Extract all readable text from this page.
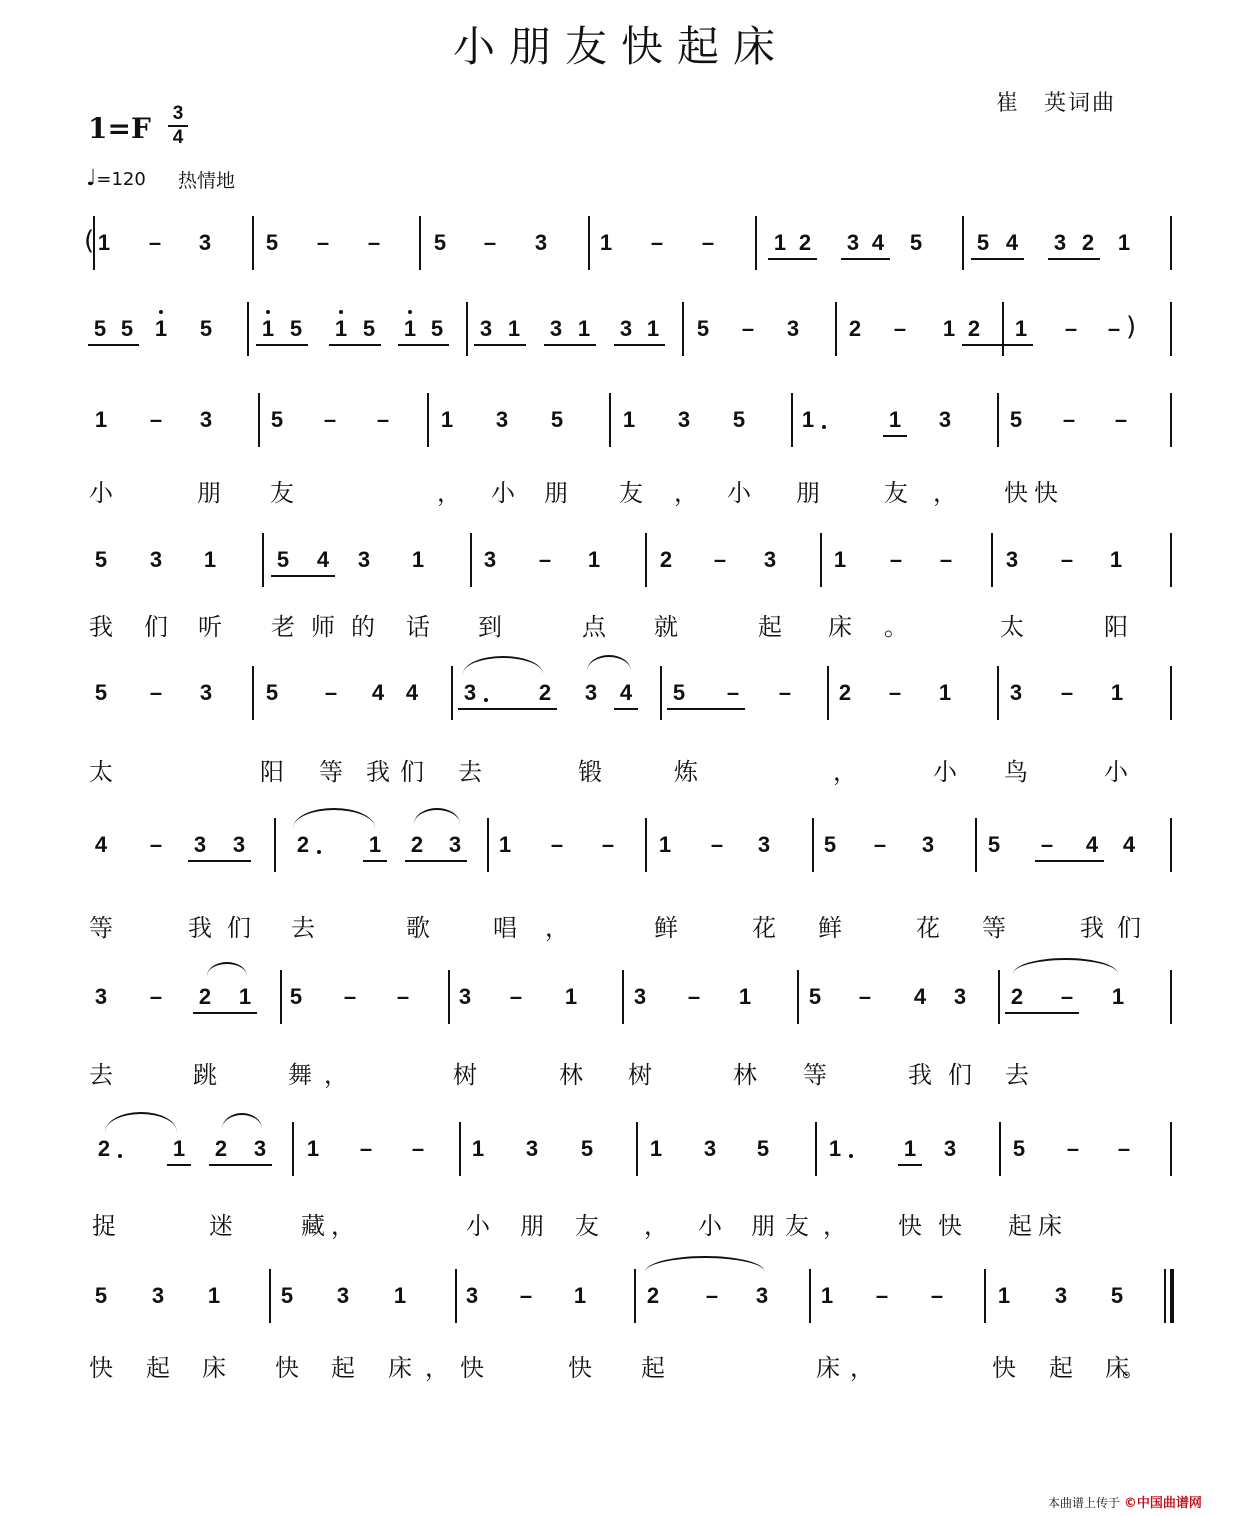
小朋友快起床
崔　英词曲
1=F 3
4
♩=120 热情地
1 – 3 5 – – 5 – 3 1 – –	1 2 3 4 5 5 4 3 2 1
5 5 1 5 1 5 1 5 1 5 3 1 3 1 3 1 5 – 3 2 – 1 2 1 – –
1 – 3	5 – – 1 3 5	1 3 5	1	1 3	5 – –
5 3 1	5 4 3 1	3 – 1	2 – 3	1 – – 3 – 1
5 – 3 5 – 4 4 3	2 3 4 5 – – 2 – 1	3 – 1
4 – 3 3 2	1 2 3 1 – – 1 – 3 5 – 3 5 – 4 4
3 – 2 1 5 – – 3 – 1	3 – 1	5 – 4 3 2 – 1
2	1 2 3 1 – – 1 3 5	1 3 5	1	1 3	5 – –
5 3 1	5 3 1	3 – 1	2 – 3 1 – – 1 3 5
(
)
小	朋 友	， 小 朋 友 ， 小 朋	友 ， 快 快
我 们 听 老 师 的 话 到	点 就	起 床 。	太	阳
太	阳 等 我 们 去	锻	炼	，	小 鸟	小
等	我 们 去	歌	唱 ，	鲜	花 鲜	花 等	我 们
去	跳	舞 ，	树	林 树	林 等	我 们 去
捉	迷	藏 ，	小 朋 友 ， 小 朋 友 ， 快 快 起 床
快 起 床 快 起 床 ， 快	快 起	床 ，	快 起 床
。
本曲谱上传于 ©中国曲谱网
